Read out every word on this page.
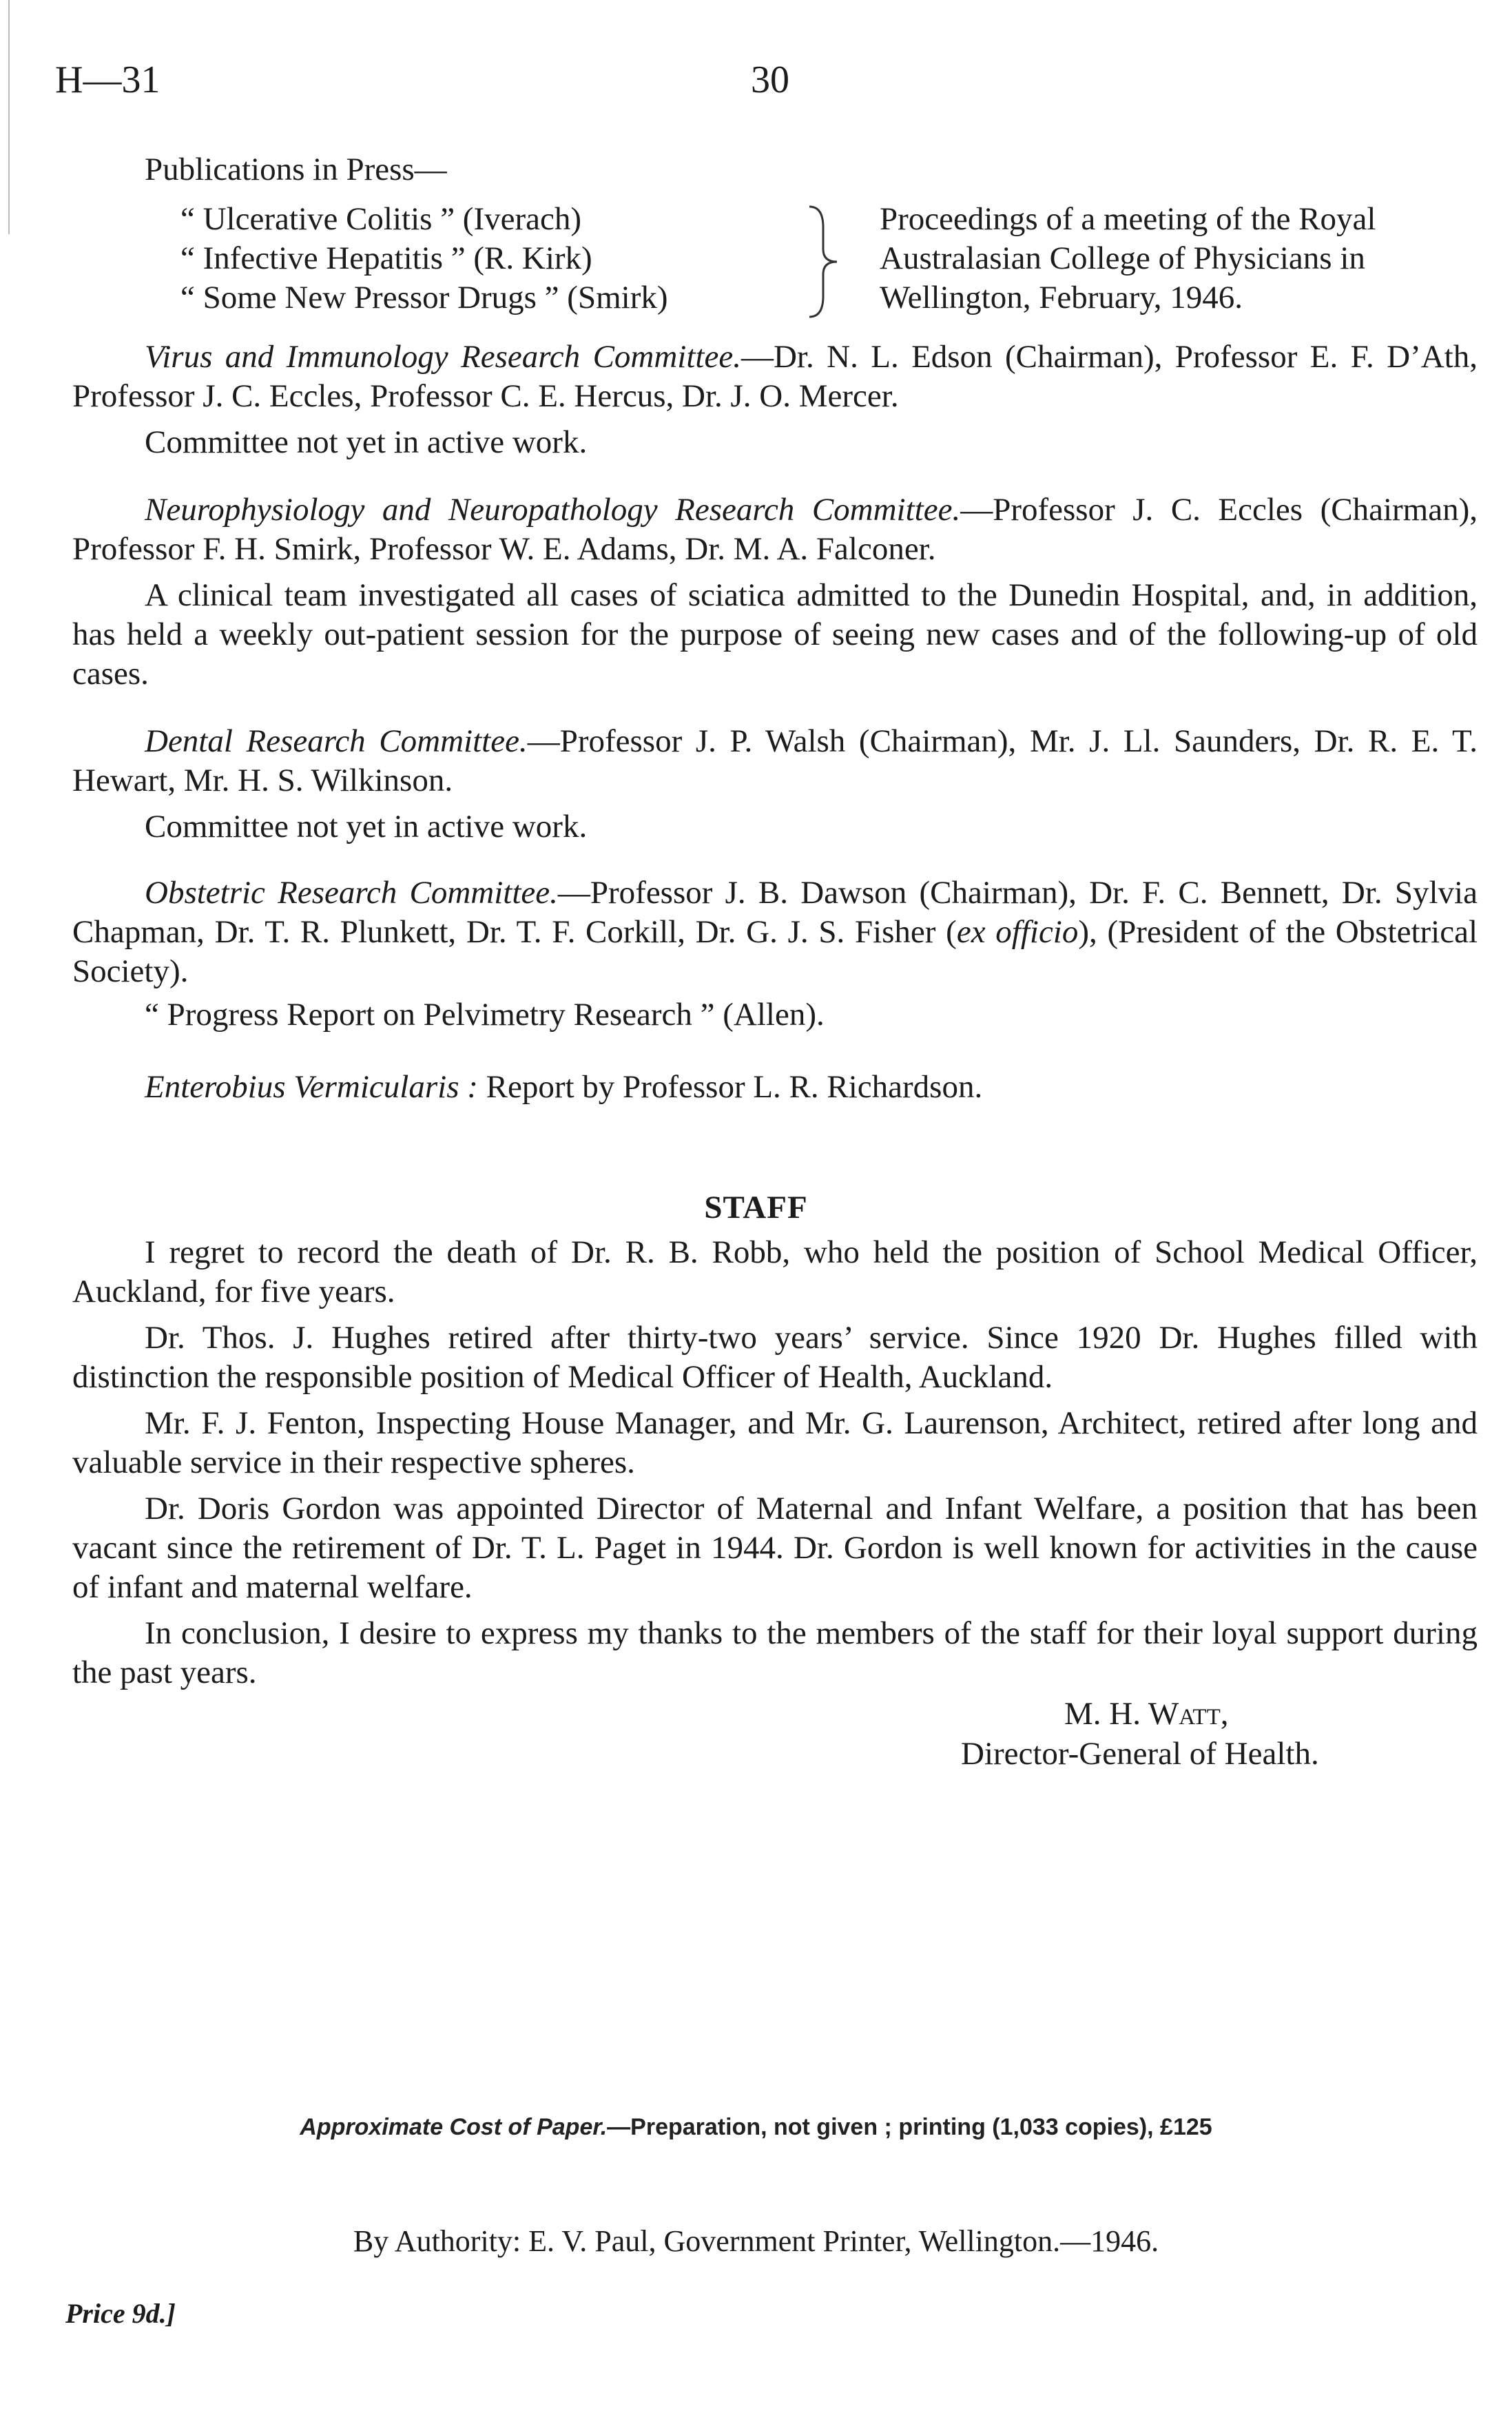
H—31	30
Publications in Press—
“ Ulcerative Colitis ” (Iverach)
“ Infective Hepatitis ” (R. Kirk)
“ Some New Pressor Drugs ” (Smirk)
Proceedings of a meeting of the Royal Australasian College of Physicians in Wellington, February, 1946.

Virus and Immunology Research Committee.—Dr. N. L. Edson (Chairman), Professor E. F. D’Ath, Professor J. C. Eccles, Professor C. E. Hercus, Dr. J. O. Mercer.

Committee not yet in active work.

Neurophysiology and Neuropathology Research Committee.—Professor J. C. Eccles (Chairman), Professor F. H. Smirk, Professor W. E. Adams, Dr. M. A. Falconer.

A clinical team investigated all cases of sciatica admitted to the Dunedin Hospital, and, in addition, has held a weekly out-patient session for the purpose of seeing new cases and of the following-up of old cases.

Dental Research Committee.—Professor J. P. Walsh (Chairman), Mr. J. Ll. Saunders, Dr. R. E. T. Hewart, Mr. H. S. Wilkinson.

Committee not yet in active work.

Obstetric Research Committee.—Professor J. B. Dawson (Chairman), Dr. F. C. Bennett, Dr. Sylvia Chapman, Dr. T. R. Plunkett, Dr. T. F. Corkill, Dr. G. J. S. Fisher (ex officio), (President of the Obstetrical Society).

“ Progress Report on Pelvimetry Research ” (Allen).

Enterobius Vermicularis : Report by Professor L. R. Richardson.

STAFF

I regret to record the death of Dr. R. B. Robb, who held the position of School Medical Officer, Auckland, for five years.

Dr. Thos. J. Hughes retired after thirty-two years’ service. Since 1920 Dr. Hughes filled with distinction the responsible position of Medical Officer of Health, Auckland.

Mr. F. J. Fenton, Inspecting House Manager, and Mr. G. Laurenson, Architect, retired after long and valuable service in their respective spheres.

Dr. Doris Gordon was appointed Director of Maternal and Infant Welfare, a position that has been vacant since the retirement of Dr. T. L. Paget in 1944. Dr. Gordon is well known for activities in the cause of infant and maternal welfare.

In conclusion, I desire to express my thanks to the members of the staff for their loyal support during the past years.

M. H. Watt,
Director-General of Health.
Approximate Cost of Paper.—Preparation, not given ; printing (1,033 copies), £125
By Authority: E. V. Paul, Government Printer, Wellington.—1946.
Price 9d.]
